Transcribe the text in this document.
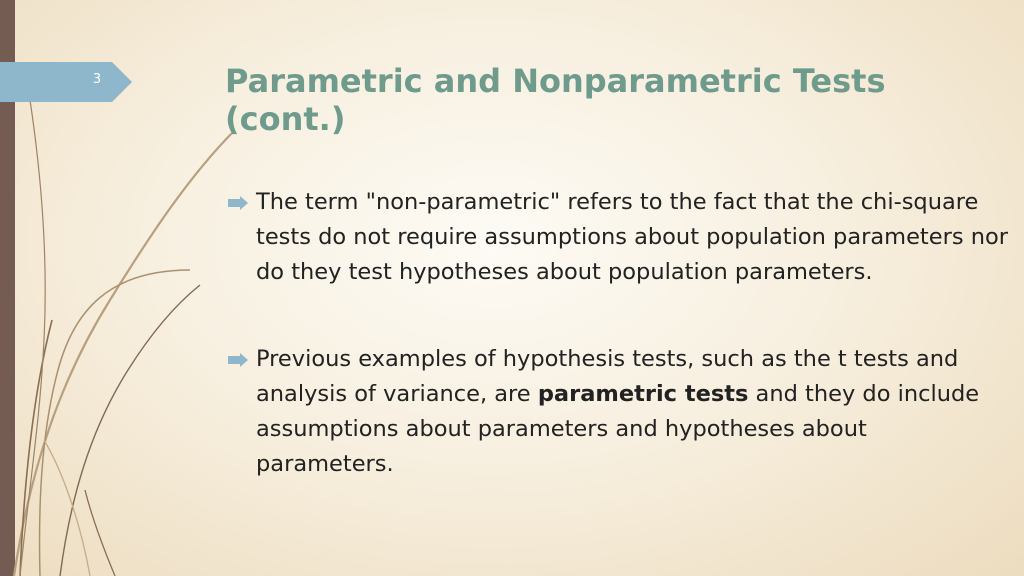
3	Parametric and Nonparametric Tests (cont.)
The term "non-parametric" refers to the fact that the chi-square tests do not require assumptions about population parameters nor do they test hypotheses about population parameters.
Previous examples of hypothesis tests, such as the t tests and analysis of variance, are parametric tests and they do include assumptions about parameters and hypotheses about parameters.
